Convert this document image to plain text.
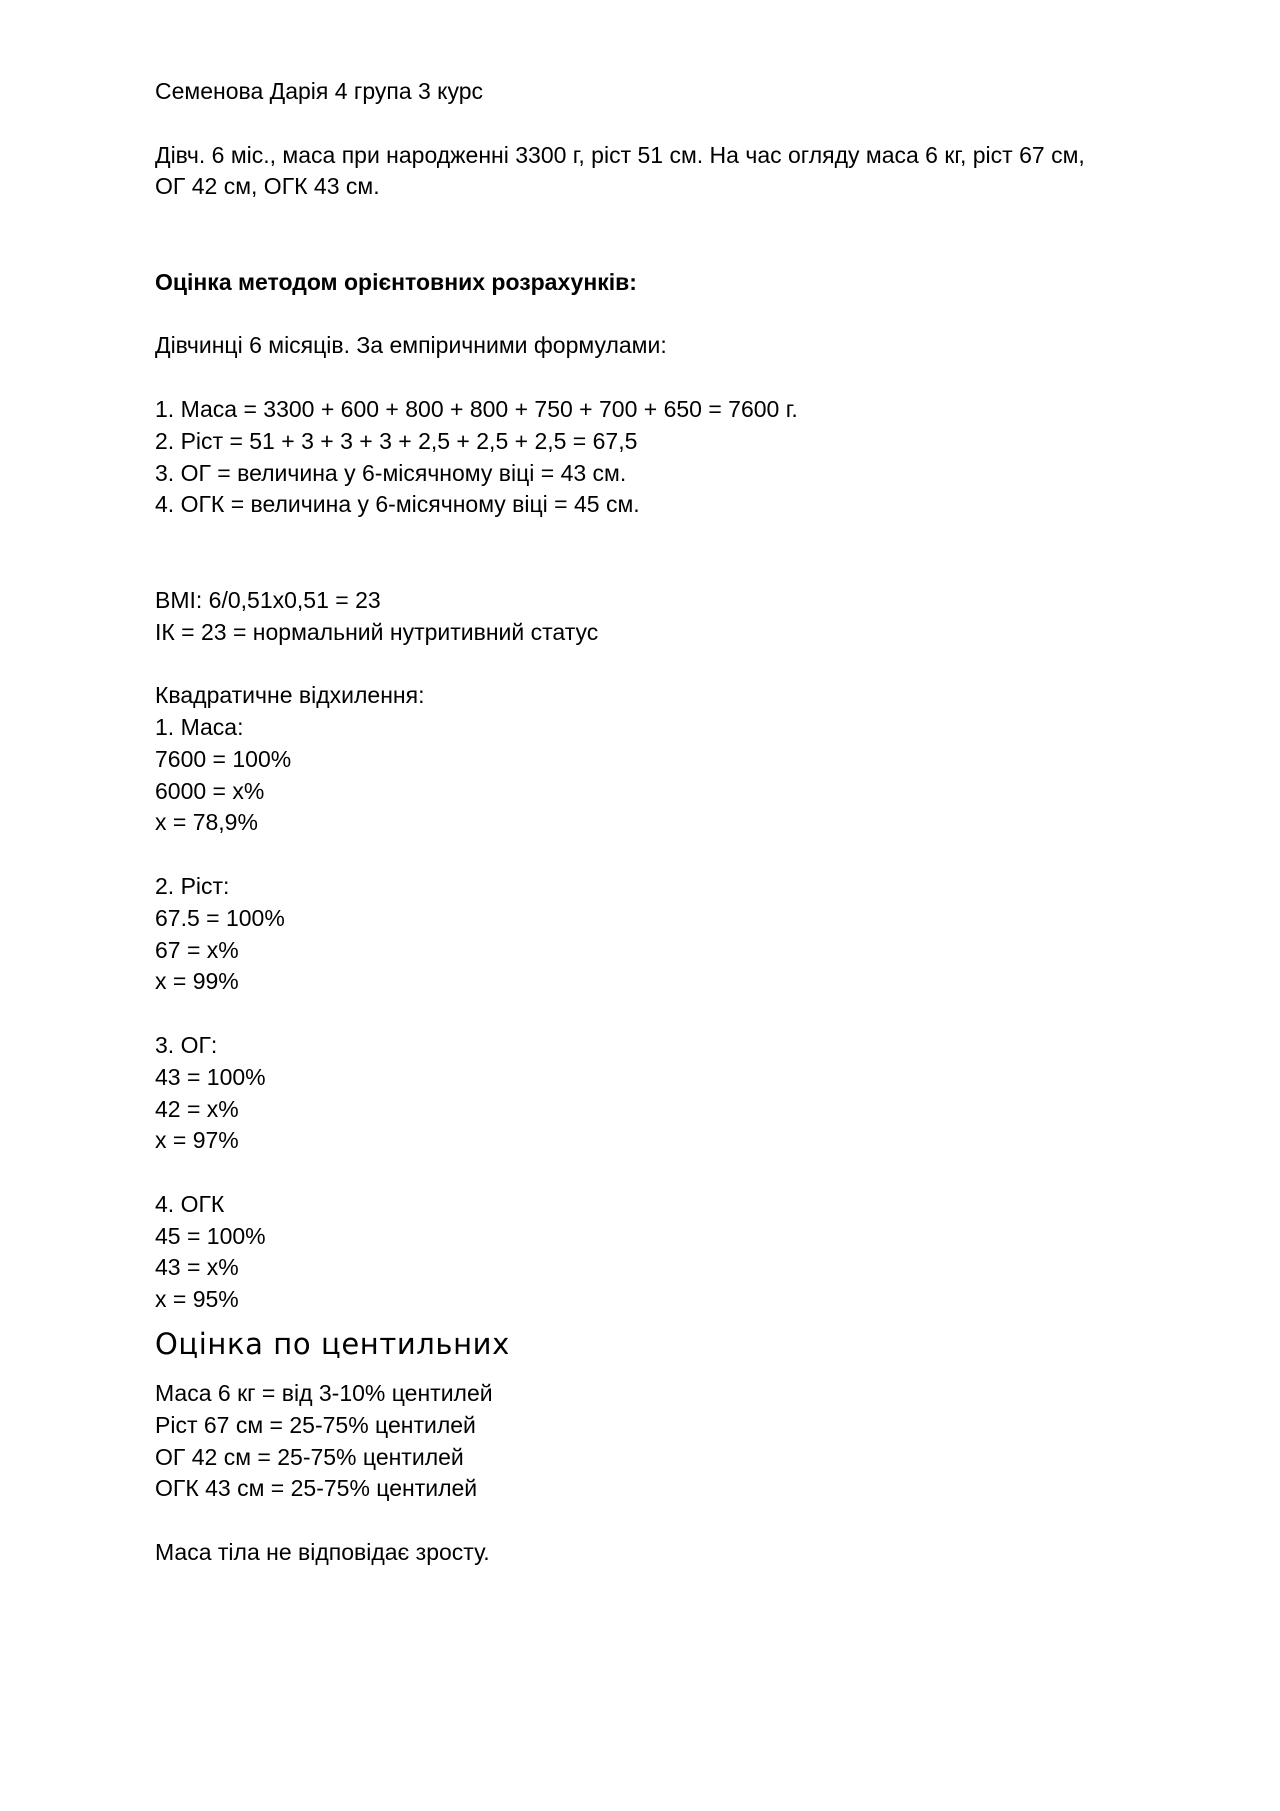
Семенова Дарія 4 група 3 курс
Дівч. 6 міс., маса при народженні 3300 г, ріст 51 см. На час огляду маса 6 кг, ріст 67 см,
ОГ 42 см, ОГК 43 см.
Оцінка методом орієнтовних розрахунків:
Дівчинці 6 місяців. За емпіричними формулами:
1. Маса = 3300 + 600 + 800 + 800 + 750 + 700 + 650 = 7600 г.
2. Ріст = 51 + 3 + 3 + 3 + 2,5 + 2,5 + 2,5 = 67,5
3. ОГ = величина у 6-місячному віці = 43 см.
4. ОГК = величина у 6-місячному віці = 45 см.
ВМІ: 6/0,51х0,51 = 23
ІК = 23 = нормальний нутритивний статус
Квадратичне відхилення:
1. Маса:
7600 = 100%
6000 = х%
х = 78,9%
2. Ріст:
67.5 = 100%
67 = х%
х = 99%
3. ОГ:
43 = 100%
42 = х%
х = 97%
4. ОГК
45 = 100%
43 = х%
х = 95%
Оцінка по центильних
Маса 6 кг = від 3-10% центилей
Ріст 67 см = 25-75% центилей
ОГ 42 см = 25-75% центилей
ОГК 43 см = 25-75% центилей
Маса тіла не відповідає зросту.
